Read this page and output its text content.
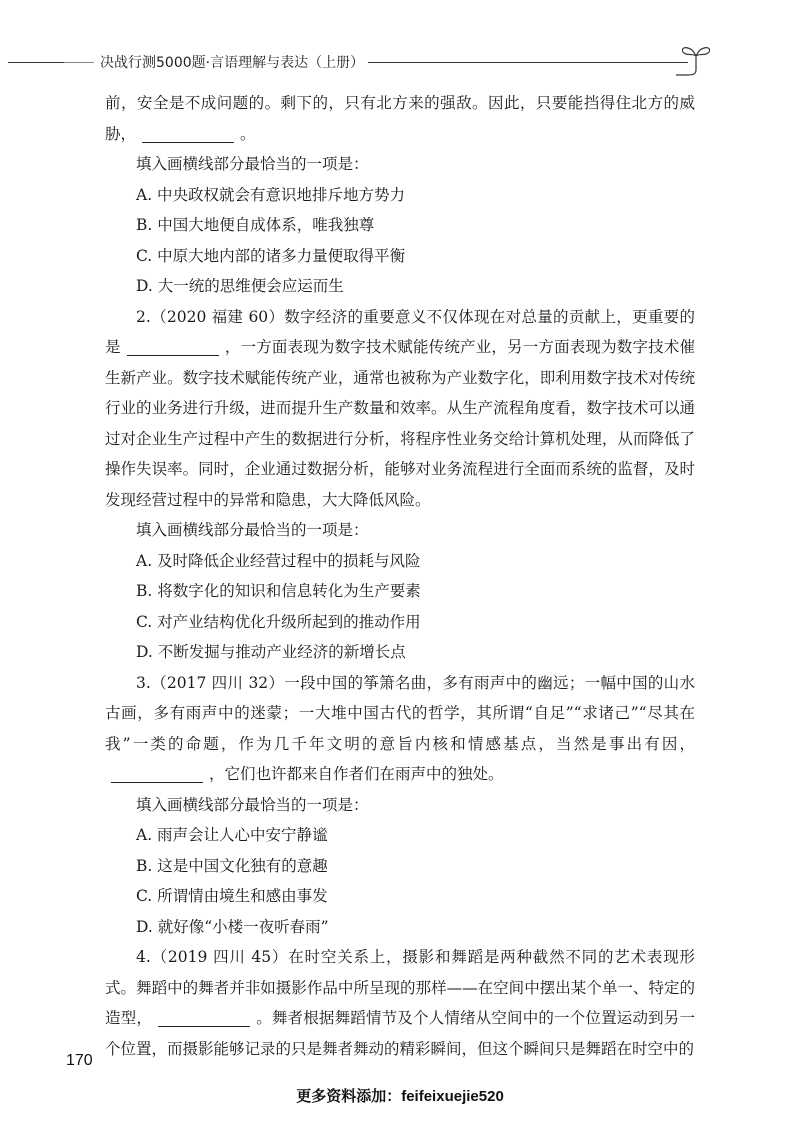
决战行测5000题·言语理解与表达（上册）

前，安全是不成问题的。剩下的，只有北方来的强敌。因此，只要能挡得住北方的威胁，	。

填入画横线部分最恰当的一项是：

A. 中央政权就会有意识地排斥地方势力

B. 中国大地便自成体系，唯我独尊

C. 中原大地内部的诸多力量便取得平衡

D. 大一统的思维便会应运而生

2.（2020 福建 60）数字经济的重要意义不仅体现在对总量的贡献上，更重要的是	，一方面表现为数字技术赋能传统产业，另一方面表现为数字技术催生新产业。数字技术赋能传统产业，通常也被称为产业数字化，即利用数字技术对传统行业的业务进行升级，进而提升生产数量和效率。从生产流程角度看，数字技术可以通过对企业生产过程中产生的数据进行分析，将程序性业务交给计算机处理，从而降低了操作失误率。同时，企业通过数据分析，能够对业务流程进行全面而系统的监督，及时发现经营过程中的异常和隐患，大大降低风险。

填入画横线部分最恰当的一项是：

A. 及时降低企业经营过程中的损耗与风险

B. 将数字化的知识和信息转化为生产要素

C. 对产业结构优化升级所起到的推动作用

D. 不断发掘与推动产业经济的新增长点

3.（2017 四川 32）一段中国的筝箫名曲，多有雨声中的幽远；一幅中国的山水古画，多有雨声中的迷蒙；一大堆中国古代的哲学，其所谓“自足”“求诸己”“尽其在我”一类的命题，作为几千年文明的意旨内核和情感基点，当然是事出有因，，它们也许都来自作者们在雨声中的独处。

填入画横线部分最恰当的一项是：

A. 雨声会让人心中安宁静谧

B. 这是中国文化独有的意趣

C. 所谓情由境生和感由事发

D. 就好像“小楼一夜听春雨”

4.（2019 四川 45）在时空关系上，摄影和舞蹈是两种截然不同的艺术表现形式。舞蹈中的舞者并非如摄影作品中所呈现的那样——在空间中摆出某个单一、特定的造型，	。舞者根据舞蹈情节及个人情绪从空间中的一个位置运动到另一个位置，而摄影能够记录的只是舞者舞动的精彩瞬间，但这个瞬间只是舞蹈在时空中的

170
更多资料添加：feifeixuejie520
